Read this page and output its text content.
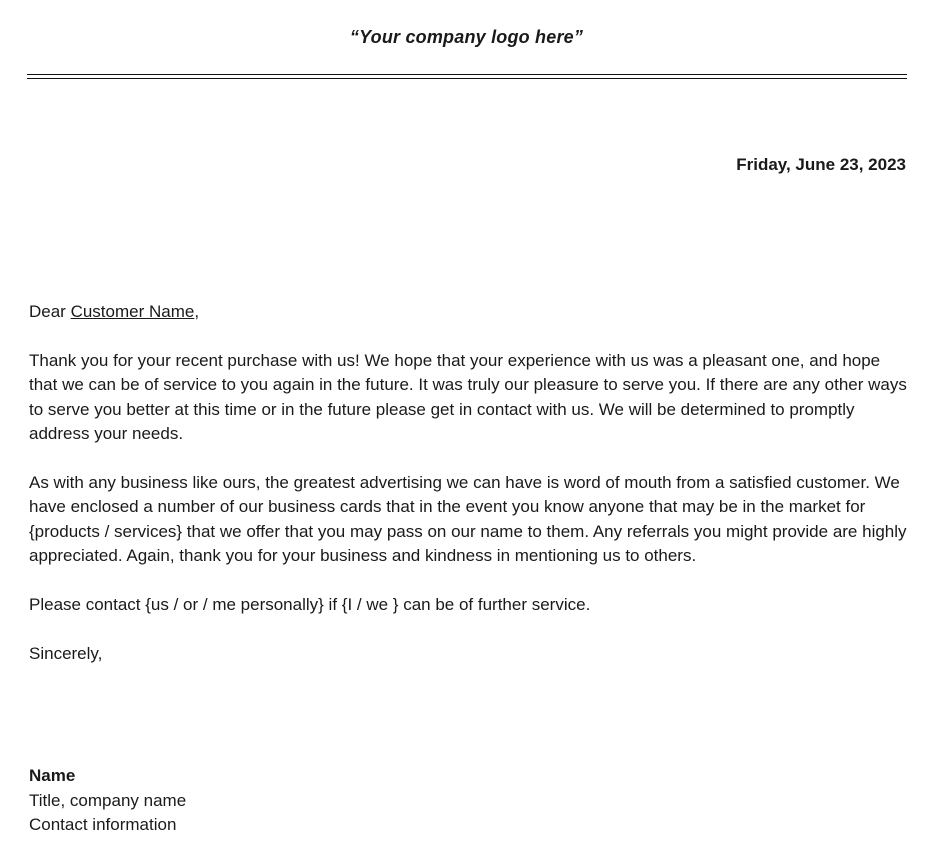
“Your company logo here”
Friday, June 23, 2023

Dear Customer Name,

Thank you for your recent purchase with us! We hope that your experience with us was a pleasant one, and hope that we can be of service to you again in the future. It was truly our pleasure to serve you. If there are any other ways to serve you better at this time or in the future please get in contact with us. We will be determined to promptly address your needs.

As with any business like ours, the greatest advertising we can have is word of mouth from a satisfied customer. We have enclosed a number of our business cards that in the event you know anyone that may be in the market for {products / services} that we offer that you may pass on our name to them. Any referrals you might provide are highly appreciated. Again, thank you for your business and kindness in mentioning us to others.

Please contact {us / or / me personally} if {I / we } can be of further service.

Sincerely,

Name
Title, company name
Contact information
